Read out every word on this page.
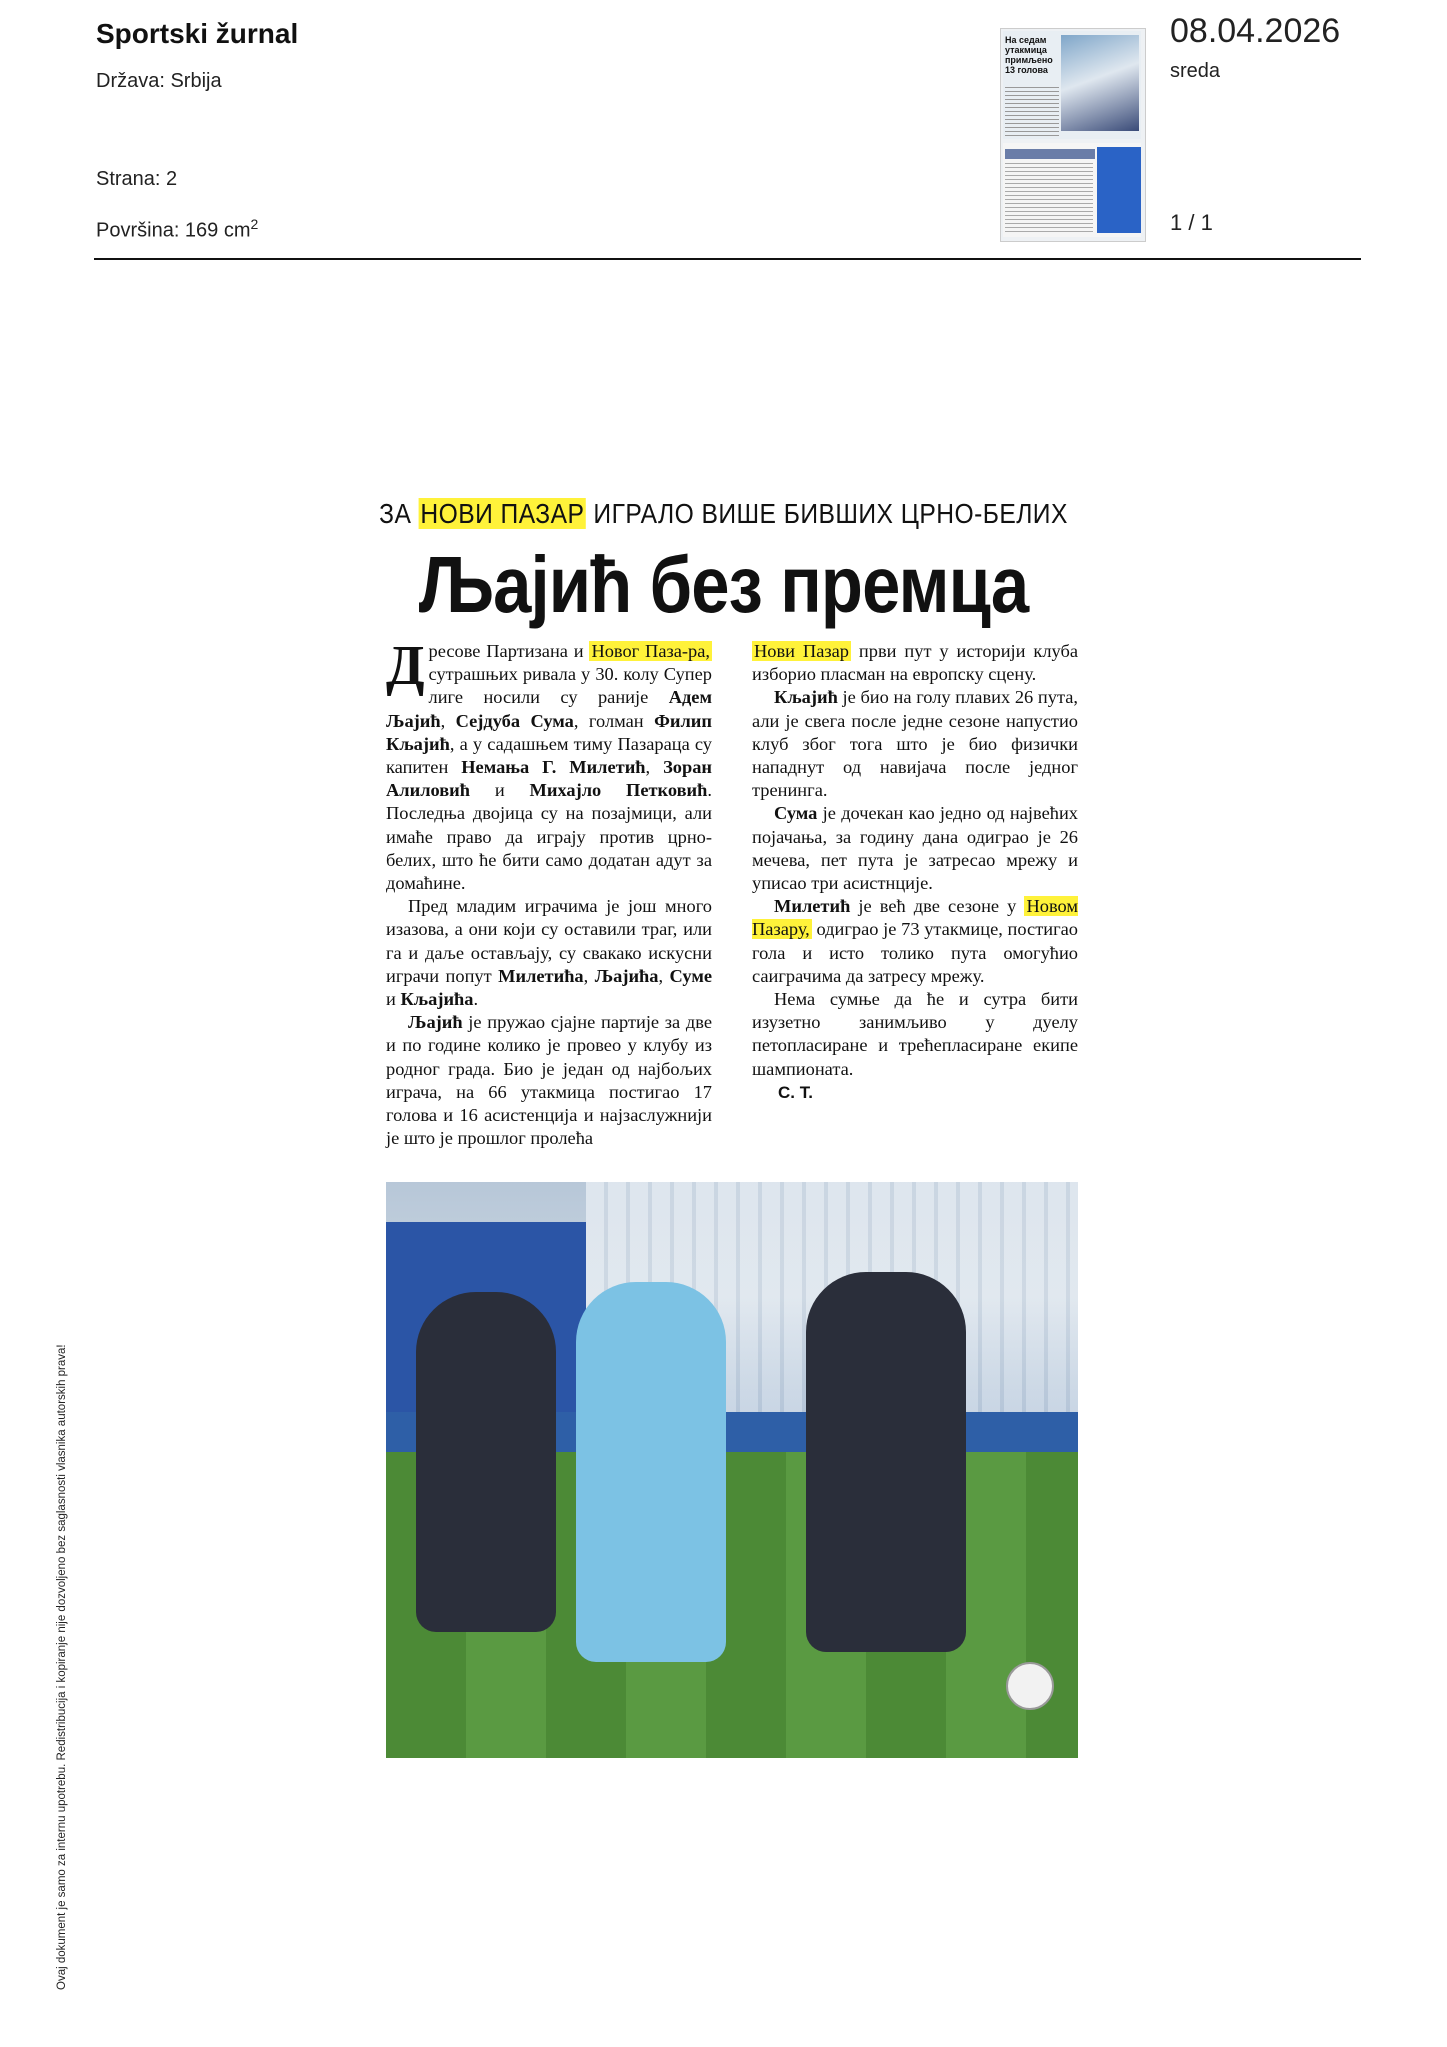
Sportski žurnal
Država: Srbija
Strana: 2
Površina: 169 $cm^2$
На седам утакмица примљено 13 голова
08.04.2026
sreda
1 / 1
ЗА НОВИ ПАЗАР ИГРАЛО ВИШЕ БИВШИХ ЦРНО-БЕЛИХ
Љајић без премца

Дресове Партизана и Новог Паза-ра, сутрашњих ривала у 30. колу Супер лиге носили су раније Адем Љајић, Сејдуба Сума, голман Филип Кљајић, а у садашњем тиму Пазараца су капитен Немања Г. Милетић, Зоран Алиловић и Михајло Петковић. Последња двојица су на позајмици, али имаће право да играју против црно-белих, што ће бити само додатан адут за домаћине.

Пред младим играчима је још много изазова, а они који су оставили траг, или га и даље остављају, су свакако искусни играчи попут Милетића, Љајића, Суме и Кљајића.

Љајић је пружао сјајне партије за две и по године колико је провео у клубу из родног града. Био је један од најбољих играча, на 66 утакмица постигао 17 голова и 16 асистенција и најзаслужнији је што је прошлог пролећа

Нови Пазар први пут у историји клуба изборио пласман на европску сцену.

Кљајић је био на голу плавих 26 пута, али је свега после једне сезоне напустио клуб због тога што је био физички нападнут од навијача после једног тренинга.

Сума је дочекан као једно од највећих појачања, за годину дана одиграо је 26 мечева, пет пута је затресао мрежу и уписао три асистнције.

Милетић је већ две сезоне у Новом Пазару, одиграо је 73 утакмице, постигао гола и исто толико пута омогућио саиграчима да затресу мрежу.

Нема сумње да ће и сутра бити изузетно занимљиво у дуелу петопласиране и трећепласиране екипе шампионата.

С. Т.
Ovaj dokument je samo za internu upotrebu. Redistribucija i kopiranje nije dozvoljeno bez saglasnosti vlasnika autorskih prava!
